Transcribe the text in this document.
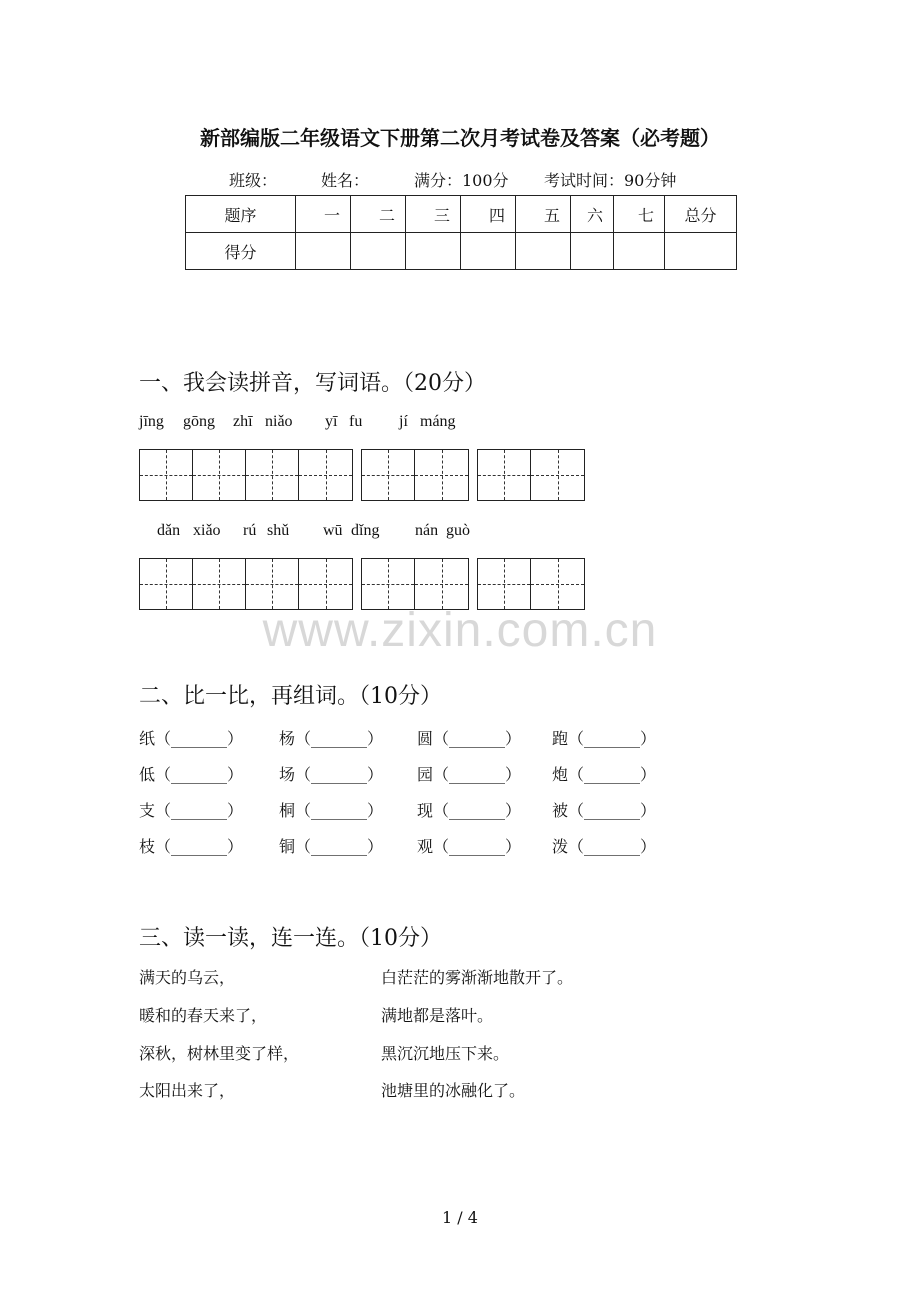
新部编版二年级语文下册第二次月考试卷及答案（必考题）
班级：	姓名：	满分：100分 考试时间：90分钟
题序	一	二	三	四	五	六	七	总分
得分								
一、我会读拼音，写词语。（20分）
jīng gōng zhī niǎo yī fu jí máng
dǎn xiǎo rú shǔ wū dǐng nán guò
www.zixin.com.cn
二、比一比，再组词。（10分）
纸（_______） 杨（_______） 圆（_______） 跑（_______）
低（_______） 场（_______） 园（_______） 炮（_______）
支（_______） 桐（_______） 现（_______） 被（_______）
枝（_______） 铜（_______） 观（_______） 泼（_______）
三、读一读，连一连。（10分）
满天的乌云，
暖和的春天来了，
深秋，树林里变了样，
太阳出来了，
白茫茫的雾渐渐地散开了。
满地都是落叶。
黑沉沉地压下来。
池塘里的冰融化了。
1 / 4
